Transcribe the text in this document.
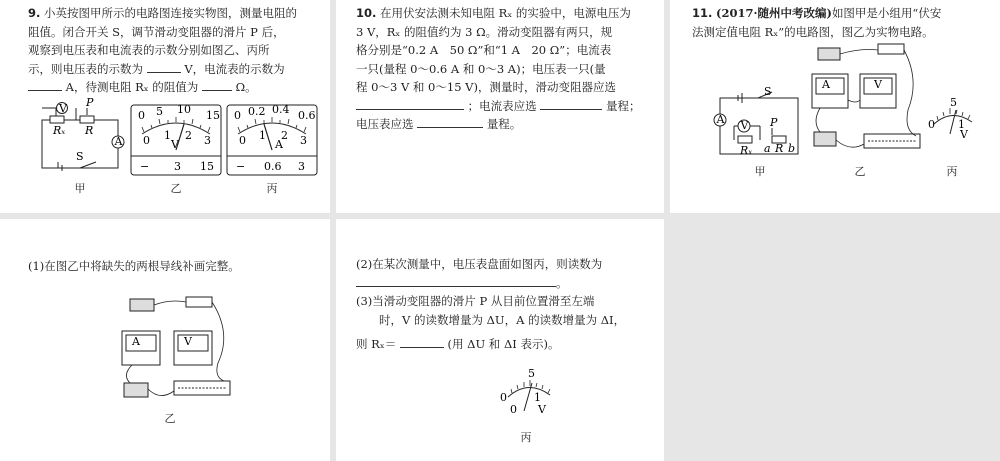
9. 小英按图甲所示的电路图连接实物图，测量电阻的
阻值。闭合开关 S，调节滑动变阻器的滑片 P 后，
观察到电压表和电流表的示数分别如图乙、丙所
示，则电压表的示数为	V，电流表的示数为
A，待测电阻 Rₓ 的阻值为	Ω。
V P
Rₓ R
A
S
甲
0 5 10 15
0 1 2 3
V
− 3 15
乙
0 0.2 0.4 0.6
0 1 2 3
A
− 0.6 3
丙
10. 在用伏安法测未知电阻 Rₓ 的实验中，电源电压为
3 V，Rₓ 的阻值约为 3 Ω。滑动变阻器有两只，规
格分别是“0.2 A　50 Ω”和“1 A　20 Ω”；电流表
一只(量程 0～0.6 A 和 0～3 A)；电压表一只(量
程 0～3 V 和 0～15 V)，测量时，滑动变阻器应选
；电流表应选	量程；
电压表应选	量程。
11. (2017·随州中考改编)如图甲是小组用“伏安
法测定值电阻 Rₓ”的电路图，图乙为实物电路。
A V
S
P
Rₓ R
a b
甲
A	V
乙
0
5
1
V
丙
(1)在图乙中将缺失的两根导线补画完整。
A	V
乙
(2)在某次测量中，电压表盘面如图丙，则读数为
。
(3)当滑动变阻器的滑片 P 从目前位置滑至左端
时，V 的读数增量为 ΔU，A 的读数增量为 ΔI，
则 Rₓ＝	(用 ΔU 和 ΔI 表示)。
0
5
0
1
V
丙
